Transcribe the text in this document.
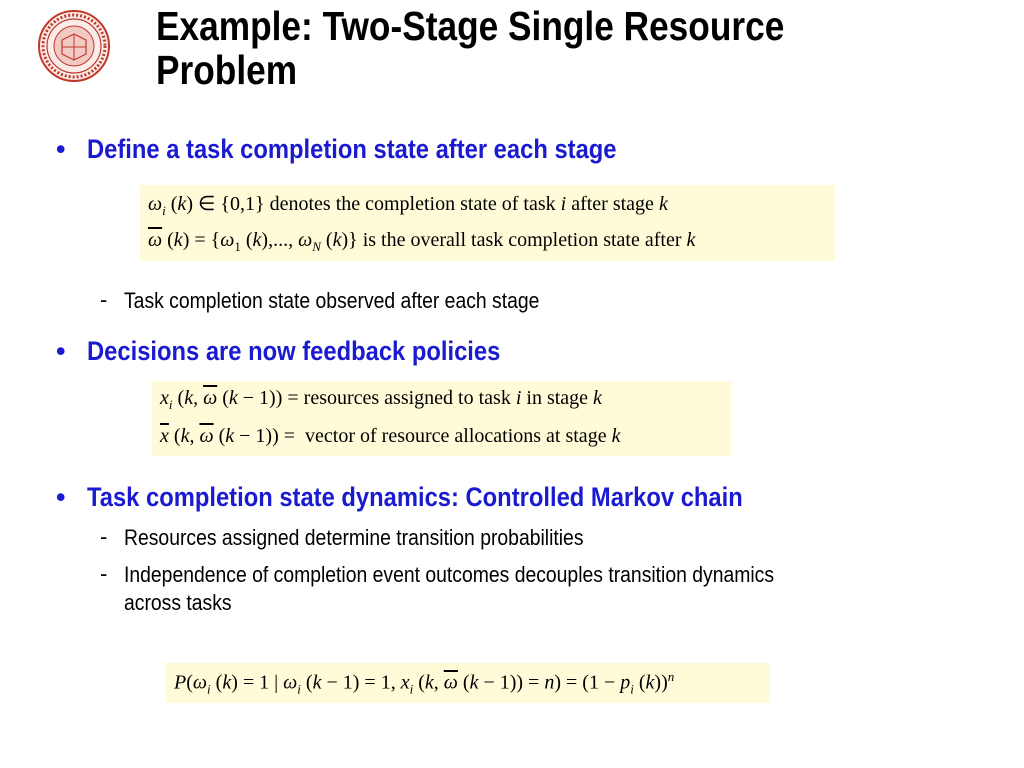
Example: Two-Stage Single Resource
Problem
• Define a task completion state after each stage
$\omega_i$ (k) ∈ {0,1} denotes the completion state of task i after stage k
$\overline{\omega}$ $(k) = \{\omega_1$ (k),..., $\omega_N$ (k)} is the overall task completion state after k
- Task completion state observed after each stage
• Decisions are now feedback policies
$x_i$ (k, $\overline{\omega}$ (k − 1)) = resources assigned to task i in stage k
$\overline{x}$ (k, $\overline{\omega}$ (k − 1)) =  vector of resource allocations at stage k
• Task completion state dynamics: Controlled Markov chain
- Resources assigned determine transition probabilities
- Independence of completion event outcomes decouples transition dynamics
across tasks
$P(\omega_i$ (k) = 1 | $\omega_i$ (k − 1) = 1, $x_i$ (k, $\overline{\omega}$ $(k - 1)) = n) = (1 - p_i$ (k))$^n$
